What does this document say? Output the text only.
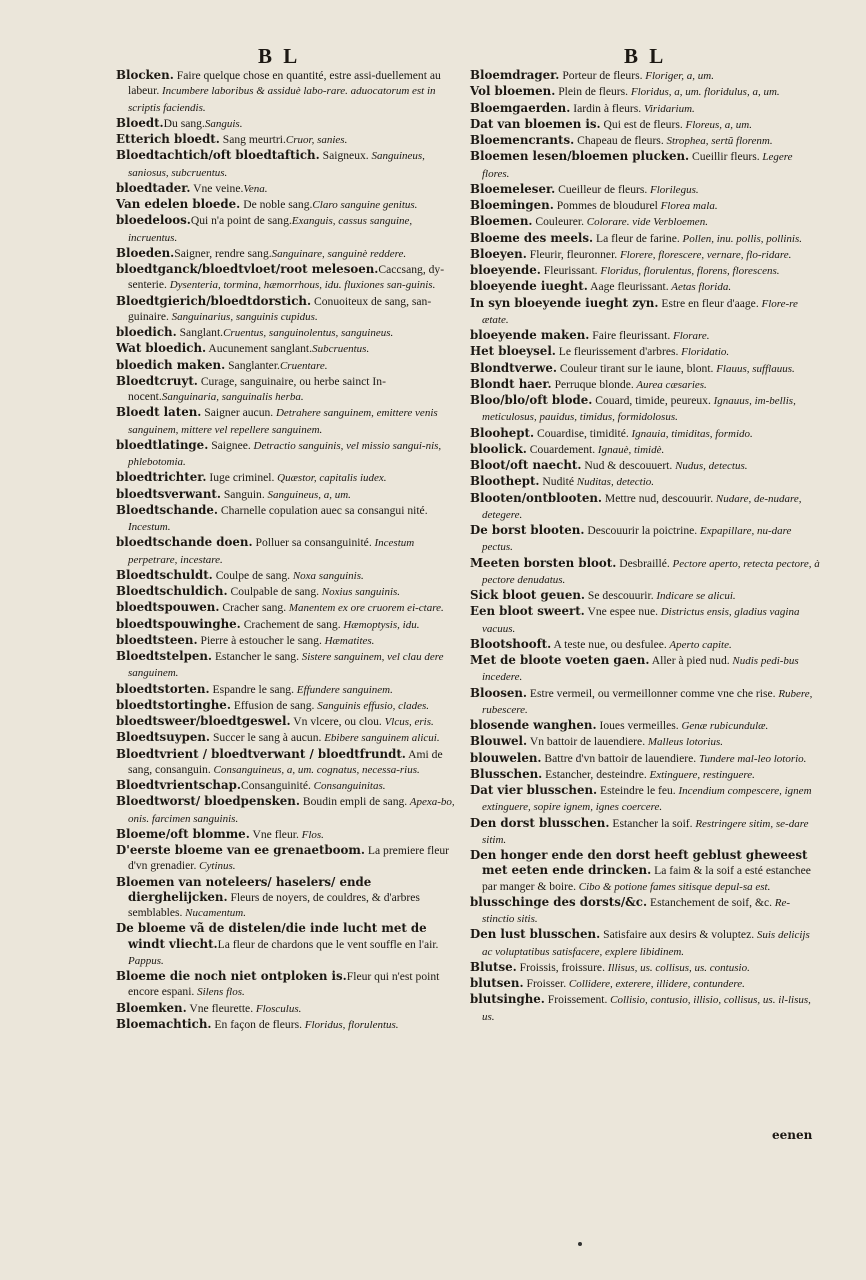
B L	B L

Blocken. Faire quelque chose en quantité, estre assi-duellement au labeur. Incumbere laboribus & assiduè labo-rare. aduocatorum est in scriptis faciendis.

Bloedt.Du sang.Sanguis.

Etterich bloedt. Sang meurtri.Cruor, sanies.

Bloedtachtich/oft bloedtaftich. Saigneux. Sanguineus, saniosus, subcruentus.

bloedtader. Vne veine.Vena.

Van edelen bloede. De noble sang.Claro sanguine genitus.

bloedeloos.Qui n'a point de sang.Exanguis, cassus sanguine, incruentus.

Bloeden.Saigner, rendre sang.Sanguinare, sanguinè reddere.

bloedtganck/bloedtvloet/root melesoen.Caccsang, dy-senterie. Dysenteria, tormina, hæmorrhous, idu. fluxiones san-guinis.

Bloedtgierich/bloedtdorstich. Conuoiteux de sang, san-guinaire. Sanguinarius, sanguinis cupidus.

bloedich. Sanglant.Cruentus, sanguinolentus, sanguineus.

Wat bloedich. Aucunement sanglant.Subcruentus.

bloedich maken. Sanglanter.Cruentare.

Bloedtcruyt. Curage, sanguinaire, ou herbe sainct In-nocent.Sanguinaria, sanguinalis herba.

Bloedt laten. Saigner aucun. Detrahere sanguinem, emittere venis sanguinem, mittere vel repellere sanguinem.

bloedtlatinge. Saignee. Detractio sanguinis, vel missio sangui-nis, phlebotomia.

bloedtrichter. Iuge criminel. Quæstor, capitalis iudex.

bloedtsverwant. Sanguin. Sanguineus, a, um.

Bloedtschande. Charnelle copulation auec sa consangui nité. Incestum.

bloedtschande doen. Polluer sa consanguinité. Incestum perpetrare, incestare.

Bloedtschuldt. Coulpe de sang. Noxa sanguinis.

Bloedtschuldich. Coulpable de sang. Noxius sanguinis.

bloedtspouwen. Cracher sang. Manentem ex ore cruorem ei-ctare.

bloedtspouwinghe. Crachement de sang. Hæmoptysis, idu.

bloedtsteen. Pierre à estoucher le sang. Hæmatites.

Bloedtstelpen. Estancher le sang. Sistere sanguinem, vel clau dere sanguinem.

bloedtstorten. Espandre le sang. Effundere sanguinem.

bloedtstortinghe. Effusion de sang. Sanguinis effusio, clades.

bloedtsweer/bloedtgeswel. Vn vlcere, ou clou. Vlcus, eris.

Bloedtsuypen. Succer le sang à aucun. Ebibere sanguinem alicui.

Bloedtvrient / bloedtverwant / bloedtfrundt. Ami de sang, consanguin. Consanguineus, a, um. cognatus, necessa-rius.

Bloedtvrientschap.Consanguinité. Consanguinitas.

Bloedtworst/ bloedpensken. Boudin empli de sang. Apexa-bo, onis. farcimen sanguinis.

Bloeme/oft blomme. Vne fleur. Flos.

D'eerste bloeme van ee grenaetboom. La premiere fleur d'vn grenadier. Cytinus.

Bloemen van noteleers/ haselers/ ende dierghelijcken. Fleurs de noyers, de couldres, & d'arbres semblables. Nucamentum.

De bloeme vã de distelen/die inde lucht met de windt vliecht.La fleur de chardons que le vent souffle en l'air. Pappus.

Bloeme die noch niet ontploken is.Fleur qui n'est point encore espani. Silens flos.

Bloemken. Vne fleurette. Flosculus.

Bloemachtich. En façon de fleurs. Floridus, florulentus.

Bloemdrager. Porteur de fleurs. Floriger, a, um.

Vol bloemen. Plein de fleurs. Floridus, a, um. floridulus, a, um.

Bloemgaerden. Iardin à fleurs. Viridarium.

Dat van bloemen is. Qui est de fleurs. Floreus, a, um.

Bloemencrants. Chapeau de fleurs. Strophea, sertũ florenm.

Bloemen lesen/bloemen plucken. Cueillir fleurs. Legere flores.

Bloemeleser. Cueilleur de fleurs. Florilegus.

Bloemingen. Pommes de bloudurel Florea mala.

Bloemen. Couleurer. Colorare. vide Verbloemen.

Bloeme des meels. La fleur de farine. Pollen, inu. pollis, pollinis.

Bloeyen. Fleurir, fleuronner. Florere, florescere, vernare, flo-ridare.

bloeyende. Fleurissant. Floridus, florulentus, florens, florescens.

bloeyende iueght. Aage fleurissant. Aetas florida.

In syn bloeyende iueght zyn. Estre en fleur d'aage. Flore-re ætate.

bloeyende maken. Faire fleurissant. Florare.

Het bloeysel. Le fleurissement d'arbres. Floridatio.

Blondtverwe. Couleur tirant sur le iaune, blont. Flauus, sufflauus.

Blondt haer. Perruque blonde. Aurea cæsaries.

Bloo/blo/oft blode. Couard, timide, peureux. Ignauus, im-bellis, meticulosus, pauidus, timidus, formidolosus.

Bloohept. Couardise, timidité. Ignauia, timiditas, formido.

bloolick. Couardement. Ignauè, timidè.

Bloot/oft naecht. Nud & descouuert. Nudus, detectus.

Bloothept. Nudité Nuditas, detectio.

Blooten/ontblooten. Mettre nud, descouurir. Nudare, de-nudare, detegere.

De borst blooten. Descouurir la poictrine. Expapillare, nu-dare pectus.

Meeten borsten bloot. Desbraillé. Pectore aperto, retecta pectore, à pectore denudatus.

Sick bloot geuen. Se descouurir. Indicare se alicui.

Een bloot sweert. Vne espee nue. Districtus ensis, gladius vagina vacuus.

Blootshooft. A teste nue, ou desfulee. Aperto capite.

Met de bloote voeten gaen. Aller à pied nud. Nudis pedi-bus incedere.

Bloosen. Estre vermeil, ou vermeillonner comme vne che rise. Rubere, rubescere.

blosende wanghen. Ioues vermeilles. Genæ rubicundulæ.

Blouwel. Vn battoir de lauendiere. Malleus lotorius.

blouwelen. Battre d'vn battoir de lauendiere. Tundere mal-leo lotorio.

Blusschen. Estancher, desteindre. Extinguere, restinguere.

Dat vier blusschen. Esteindre le feu. Incendium compescere, ignem extinguere, sopire ignem, ignes coercere.

Den dorst blusschen. Estancher la soif. Restringere sitim, se-dare sitim.

Den honger ende den dorst heeft geblust gheweest met eeten ende drincken. La faim & la soif a esté estanchee par manger & boire. Cibo & potione fames sitisque depul-sa est.

blusschinge des dorsts/&c. Estanchement de soif, &c. Re-stinctio sitis.

Den lust blusschen. Satisfaire aux desirs & voluptez. Suis delicijs ac voluptatibus satisfacere, explere libidinem.

Blutse. Froissis, froissure. Illisus, us. collisus, us. contusio.

blutsen. Froisser. Collidere, exterere, illidere, contundere.

blutsinghe. Froissement. Collisio, contusio, illisio, collisus, us. il-lisus, us.

eenen
